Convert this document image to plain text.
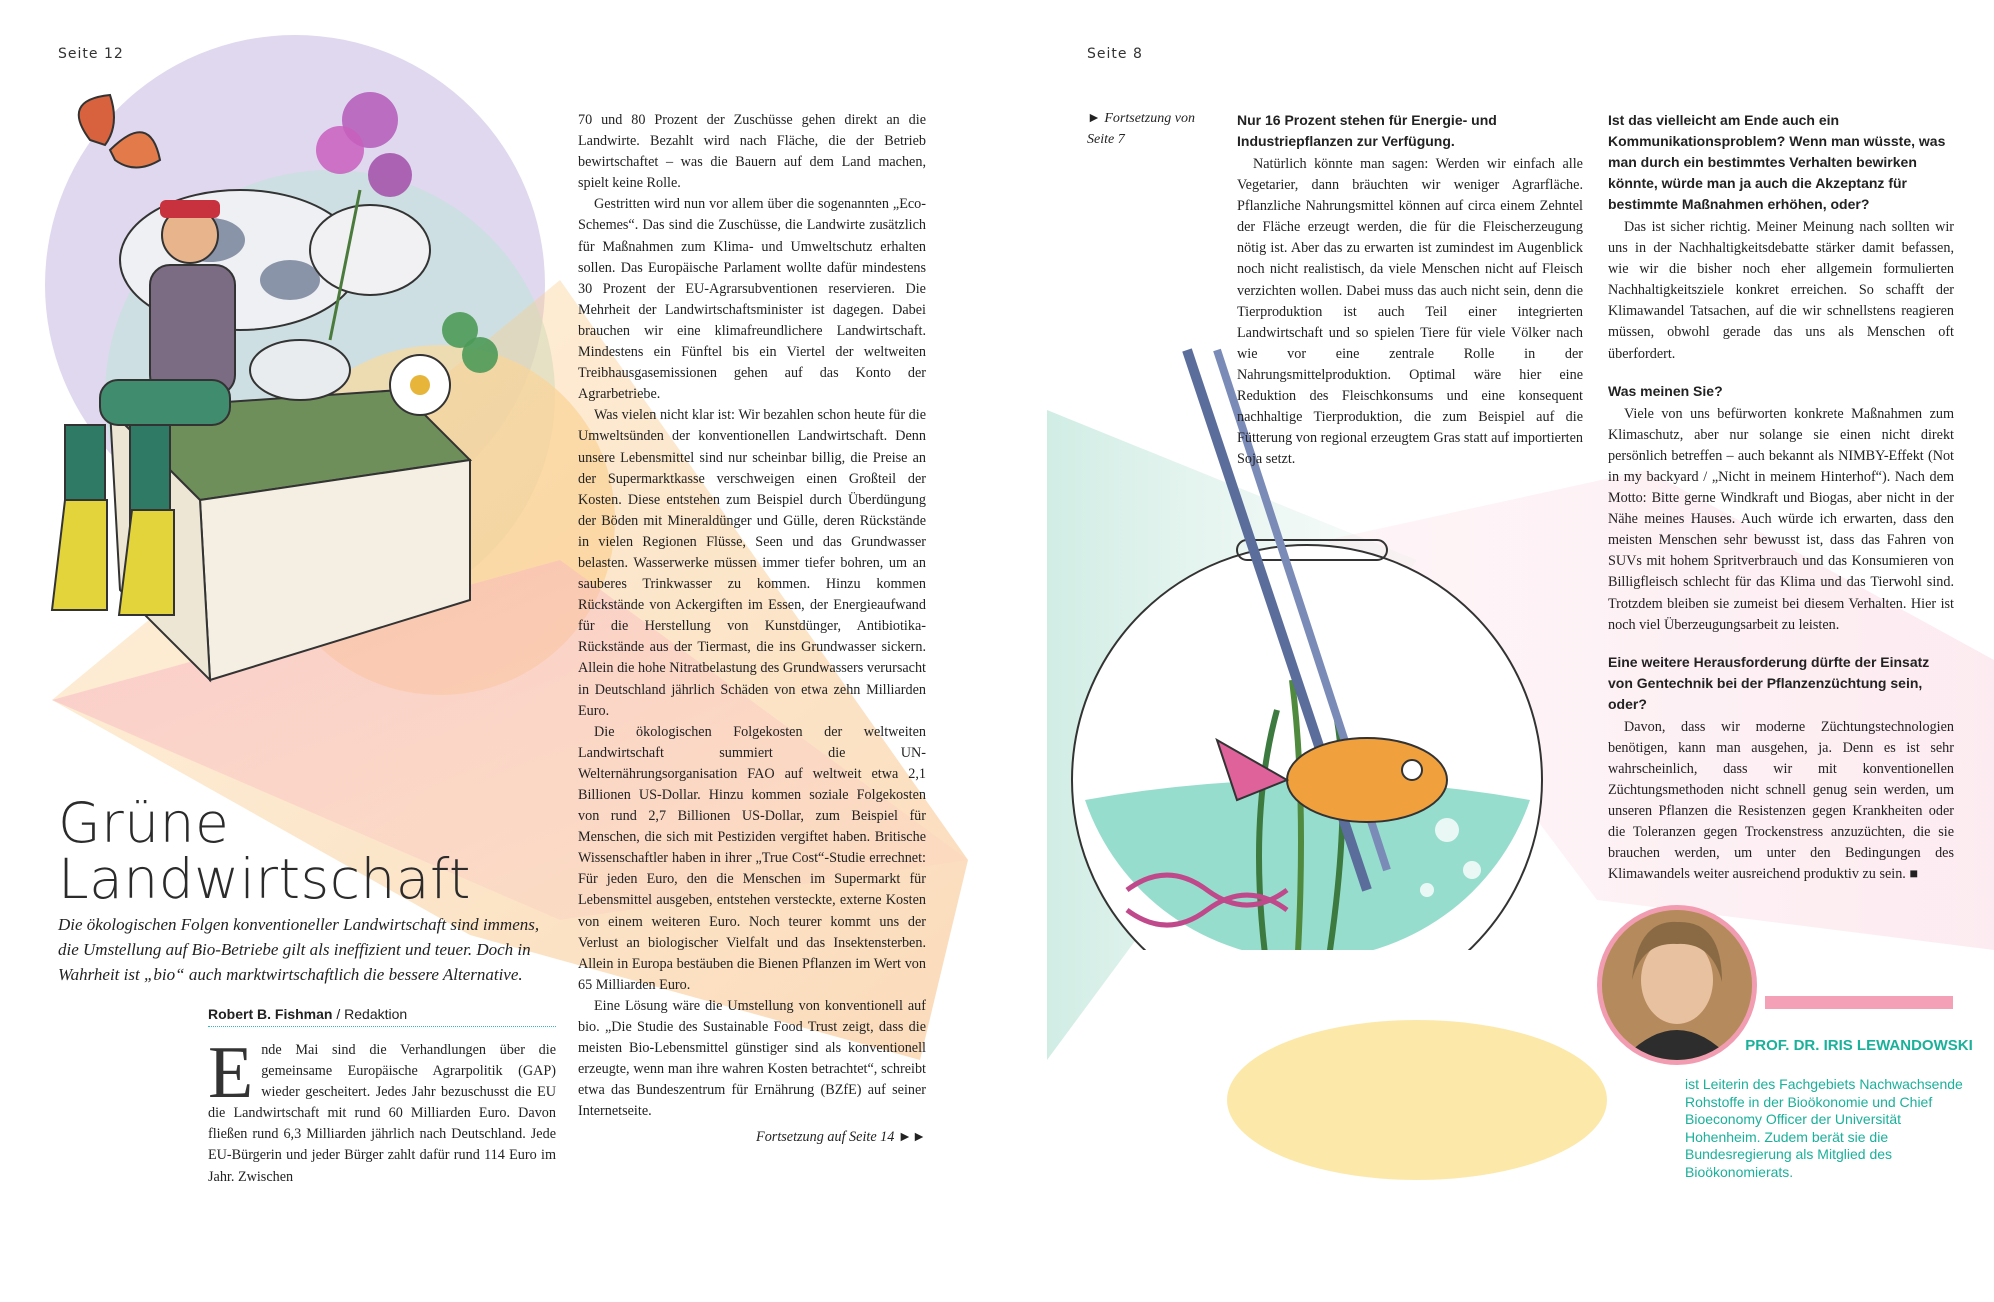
Seite 12
Grüne
Landwirtschaft
Die ökologischen Folgen konventioneller Landwirtschaft sind immens, die Umstellung auf Bio-Betriebe gilt als ineffizient und teuer. Doch in Wahrheit ist „bio“ auch marktwirtschaftlich die bessere Alternative.
Robert B. Fishman / Redaktion

Ende Mai sind die Verhandlungen über die gemeinsame Europäische Agrarpolitik (GAP) wieder gescheitert. Jedes Jahr bezuschusst die EU die Landwirtschaft mit rund 60 Milliarden Euro. Davon fließen rund 6,3 Milliarden jährlich nach Deutschland. Jede EU-Bürgerin und jeder Bürger zahlt dafür rund 114 Euro im Jahr. Zwischen

70 und 80 Prozent der Zuschüsse gehen direkt an die Landwirte. Bezahlt wird nach Fläche, die der Betrieb bewirtschaftet – was die Bauern auf dem Land machen, spielt keine Rolle.

Gestritten wird nun vor allem über die sogenannten „Eco-Schemes“. Das sind die Zuschüsse, die Landwirte zusätzlich für Maßnahmen zum Klima- und Umweltschutz erhalten sollen. Das Europäische Parlament wollte dafür mindestens 30 Prozent der EU-Agrarsubventionen reservieren. Die Mehrheit der Landwirtschaftsminister ist dagegen. Dabei brauchen wir eine klimafreundlichere Landwirtschaft. Mindestens ein Fünftel bis ein Viertel der weltweiten Treibhausgasemissionen gehen auf das Konto der Agrarbetriebe.

Was vielen nicht klar ist: Wir bezahlen schon heute für die Umweltsünden der konventionellen Landwirtschaft. Denn unsere Lebensmittel sind nur scheinbar billig, die Preise an der Supermarktkasse verschweigen einen Großteil der Kosten. Diese entstehen zum Beispiel durch Überdüngung der Böden mit Mineraldünger und Gülle, deren Rückstände in vielen Regionen Flüsse, Seen und das Grundwasser belasten. Wasserwerke müssen immer tiefer bohren, um an sauberes Trinkwasser zu kommen. Hinzu kommen Rückstände von Ackergiften im Essen, der Energieaufwand für die Herstellung von Kunstdünger, Antibiotika-Rückstände aus der Tiermast, die ins Grundwasser sickern. Allein die hohe Nitratbelastung des Grundwassers verursacht in Deutschland jährlich Schäden von etwa zehn Milliarden Euro.

Die ökologischen Folgekosten der weltweiten Landwirtschaft summiert die UN-Welternährungsorganisation FAO auf weltweit etwa 2,1 Billionen US-Dollar. Hinzu kommen soziale Folgekosten von rund 2,7 Billionen US-Dollar, zum Beispiel für Menschen, die sich mit Pestiziden vergiftet haben. Britische Wissenschaftler haben in ihrer „True Cost“-Studie errechnet: Für jeden Euro, den die Menschen im Supermarkt für Lebensmittel ausgeben, entstehen versteckte, externe Kosten von einem weiteren Euro. Noch teurer kommt uns der Verlust an biologischer Vielfalt und das Insektensterben. Allein in Europa bestäuben die Bienen Pflanzen im Wert von 65 Milliarden Euro.

Eine Lösung wäre die Umstellung von konventionell auf bio. „Die Studie des Sustainable Food Trust zeigt, dass die meisten Bio-Lebensmittel günstiger sind als konventionell erzeugte, wenn man ihre wahren Kosten betrachtet“, schreibt etwa das Bundeszentrum für Ernährung (BZfE) auf seiner Internetseite.

Fortsetzung auf Seite 14 ►►
Seite 8
► Fortsetzung von Seite 7
Nur 16 Prozent stehen für Energie- und Industriepflanzen zur Verfügung.

Natürlich könnte man sagen: Werden wir einfach alle Vegetarier, dann bräuchten wir weniger Agrarfläche. Pflanzliche Nahrungsmittel können auf circa einem Zehntel der Fläche erzeugt werden, die für die Fleischerzeugung nötig ist. Aber das zu erwarten ist zumindest im Augenblick noch nicht realistisch, da viele Menschen nicht auf Fleisch verzichten wollen. Dabei muss das auch nicht sein, denn die Tierproduktion ist auch Teil einer integrierten Landwirtschaft und so spielen Tiere für viele Völker nach wie vor eine zentrale Rolle in der Nahrungsmittelproduktion. Optimal wäre hier eine Reduktion des Fleischkonsums und eine konsequent nachhaltige Tierproduktion, die zum Beispiel auf die Fütterung von regional erzeugtem Gras statt auf importierten Soja setzt.

Ist das vielleicht am Ende auch ein Kommunikationsproblem? Wenn man wüsste, was man durch ein bestimmtes Verhalten bewirken könnte, würde man ja auch die Akzeptanz für bestimmte Maßnahmen erhöhen, oder?

Das ist sicher richtig. Meiner Meinung nach sollten wir uns in der Nachhaltigkeitsdebatte stärker damit befassen, wie wir die bisher noch eher allgemein formulierten Nachhaltigkeitsziele konkret erreichen. So schafft der Klimawandel Tatsachen, auf die wir schnellstens reagieren müssen, obwohl gerade das uns als Menschen oft überfordert.

Was meinen Sie?

Viele von uns befürworten konkrete Maßnahmen zum Klimaschutz, aber nur solange sie einen nicht direkt persönlich betreffen – auch bekannt als NIMBY-Effekt (Not in my backyard / „Nicht in meinem Hinterhof“). Nach dem Motto: Bitte gerne Windkraft und Biogas, aber nicht in der Nähe meines Hauses. Auch würde ich erwarten, dass den meisten Menschen sehr bewusst ist, dass das Fahren von SUVs mit hohem Spritverbrauch und das Konsumieren von Billigfleisch schlecht für das Klima und das Tierwohl sind. Trotzdem bleiben sie zumeist bei diesem Verhalten. Hier ist noch viel Überzeugungsarbeit zu leisten.

Eine weitere Herausforderung dürfte der Einsatz von Gentechnik bei der Pflanzenzüchtung sein, oder?

Davon, dass wir moderne Züchtungstechnologien benötigen, kann man ausgehen, ja. Denn es ist sehr wahrscheinlich, dass wir mit konventionellen Züchtungsmethoden nicht schnell genug sein werden, um unseren Pflanzen die Resistenzen gegen Krankheiten oder die Toleranzen gegen Trockenstress anzuzüchten, die sie brauchen werden, um unter den Bedingungen des Klimawandels weiter ausreichend produktiv zu sein. ■

PROF. DR. IRIS LEWANDOWSKI
ist Leiterin des Fachgebiets Nachwachsende Rohstoffe in der Bioökonomie und Chief Bioeconomy Officer der Universität Hohenheim. Zudem berät sie die Bundesregierung als Mitglied des Bioökonomierats.
